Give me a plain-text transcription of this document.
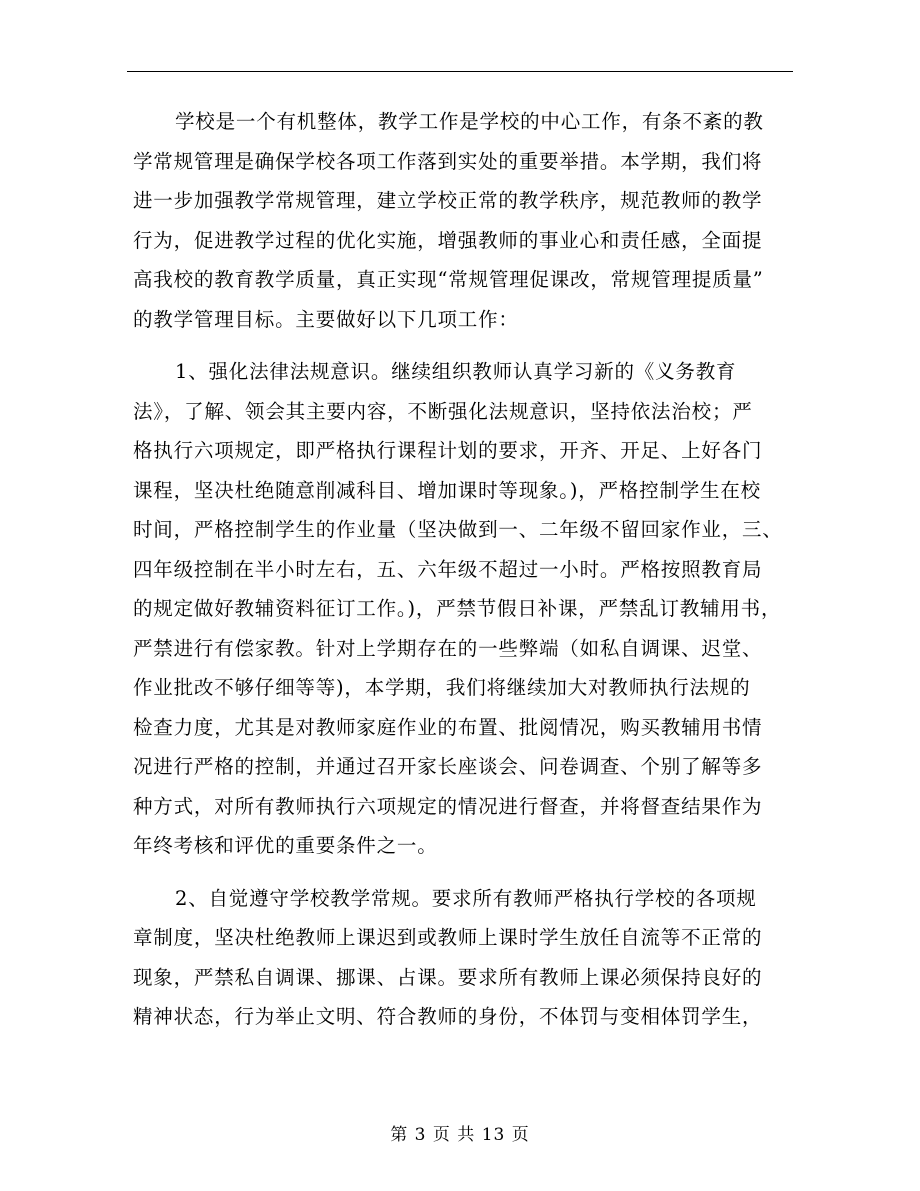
学校是一个有机整体，教学工作是学校的中心工作，有条不紊的教
学常规管理是确保学校各项工作落到实处的重要举措。本学期，我们将
进一步加强教学常规管理，建立学校正常的教学秩序，规范教师的教学
行为，促进教学过程的优化实施，增强教师的事业心和责任感，全面提
高我校的教育教学质量，真正实现“常规管理促课改，常规管理提质量”
的教学管理目标。主要做好以下几项工作：
1、强化法律法规意识。继续组织教师认真学习新的《义务教育
法》，了解、领会其主要内容，不断强化法规意识，坚持依法治校；严
格执行六项规定，即严格执行课程计划的要求，开齐、开足、上好各门
课程，坚决杜绝随意削减科目、增加课时等现象。)，严格控制学生在校
时间，严格控制学生的作业量（坚决做到一、二年级不留回家作业，三、
四年级控制在半小时左右，五、六年级不超过一小时。严格按照教育局
的规定做好教辅资料征订工作。)，严禁节假日补课，严禁乱订教辅用书，
严禁进行有偿家教。针对上学期存在的一些弊端（如私自调课、迟堂、
作业批改不够仔细等等)，本学期，我们将继续加大对教师执行法规的
检查力度，尤其是对教师家庭作业的布置、批阅情况，购买教辅用书情
况进行严格的控制，并通过召开家长座谈会、问卷调查、个别了解等多
种方式，对所有教师执行六项规定的情况进行督查，并将督查结果作为
年终考核和评优的重要条件之一。
2、自觉遵守学校教学常规。要求所有教师严格执行学校的各项规
章制度，坚决杜绝教师上课迟到或教师上课时学生放任自流等不正常的
现象，严禁私自调课、挪课、占课。要求所有教师上课必须保持良好的
精神状态，行为举止文明、符合教师的身份，不体罚与变相体罚学生，
第 3 页 共 13 页
